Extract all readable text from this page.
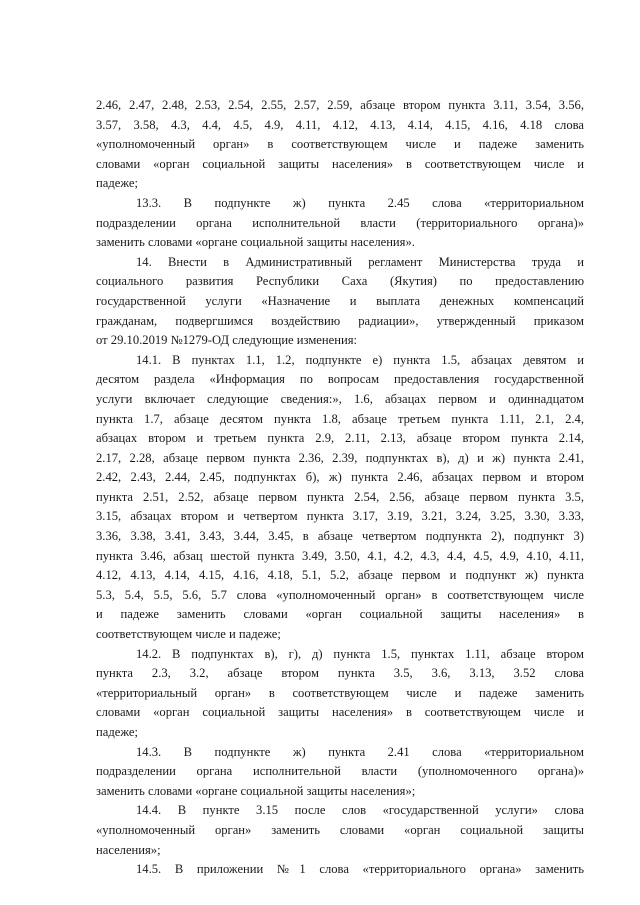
2.46, 2.47, 2.48, 2.53, 2.54, 2.55, 2.57, 2.59, абзаце втором пункта 3.11, 3.54, 3.56,
3.57, 3.58, 4.3, 4.4, 4.5, 4.9, 4.11, 4.12, 4.13, 4.14, 4.15, 4.16, 4.18 слова
«уполномоченный орган» в соответствующем числе и падеже заменить
словами «орган социальной защиты населения» в соответствующем числе и
падеже;
13.3. В подпункте ж) пункта 2.45 слова «территориальном
подразделении органа исполнительной власти (территориального органа)»
заменить словами «органе социальной защиты населения».
14. Внести в Административный регламент Министерства труда и
социального развития Республики Саха (Якутия) по предоставлению
государственной услуги «Назначение и выплата денежных компенсаций
гражданам, подвергшимся воздействию радиации», утвержденный приказом
от 29.10.2019 №1279-ОД следующие изменения:
14.1. В пунктах 1.1, 1.2, подпункте е) пункта 1.5, абзацах девятом и
десятом раздела «Информация по вопросам предоставления государственной
услуги включает следующие сведения:», 1.6, абзацах первом и одиннадцатом
пункта 1.7, абзаце десятом пункта 1.8, абзаце третьем пункта 1.11, 2.1, 2.4,
абзацах втором и третьем пункта 2.9, 2.11, 2.13, абзаце втором пункта 2.14,
2.17, 2.28, абзаце первом пункта 2.36, 2.39, подпунктах в), д) и ж) пункта 2.41,
2.42, 2.43, 2.44, 2.45, подпунктах б), ж) пункта 2.46, абзацах первом и втором
пункта 2.51, 2.52, абзаце первом пункта 2.54, 2.56, абзаце первом пункта 3.5,
3.15, абзацах втором и четвертом пункта 3.17, 3.19, 3.21, 3.24, 3.25, 3.30, 3.33,
3.36, 3.38, 3.41, 3.43, 3.44, 3.45, в абзаце четвертом подпункта 2), подпункт 3)
пункта 3.46, абзац шестой пункта 3.49, 3.50, 4.1, 4.2, 4.3, 4.4, 4.5, 4.9, 4.10, 4.11,
4.12, 4.13, 4.14, 4.15, 4.16, 4.18, 5.1, 5.2, абзаце первом и подпункт ж) пункта
5.3, 5.4, 5.5, 5.6, 5.7 слова «уполномоченный орган» в соответствующем числе
и падеже заменить словами «орган социальной защиты населения» в
соответствующем числе и падеже;
14.2. В подпунктах в), г), д) пункта 1.5, пунктах 1.11, абзаце втором
пункта 2.3, 3.2, абзаце втором пункта 3.5, 3.6, 3.13, 3.52 слова
«территориальный орган» в соответствующем числе и падеже заменить
словами «орган социальной защиты населения» в соответствующем числе и
падеже;
14.3. В подпункте ж) пункта 2.41 слова «территориальном
подразделении органа исполнительной власти (уполномоченного органа)»
заменить словами «органе социальной защиты населения»;
14.4. В пункте 3.15 после слов «государственной услуги» слова
«уполномоченный орган» заменить словами «орган социальной защиты
населения»;
14.5. В приложении №1 слова «территориального органа» заменить
